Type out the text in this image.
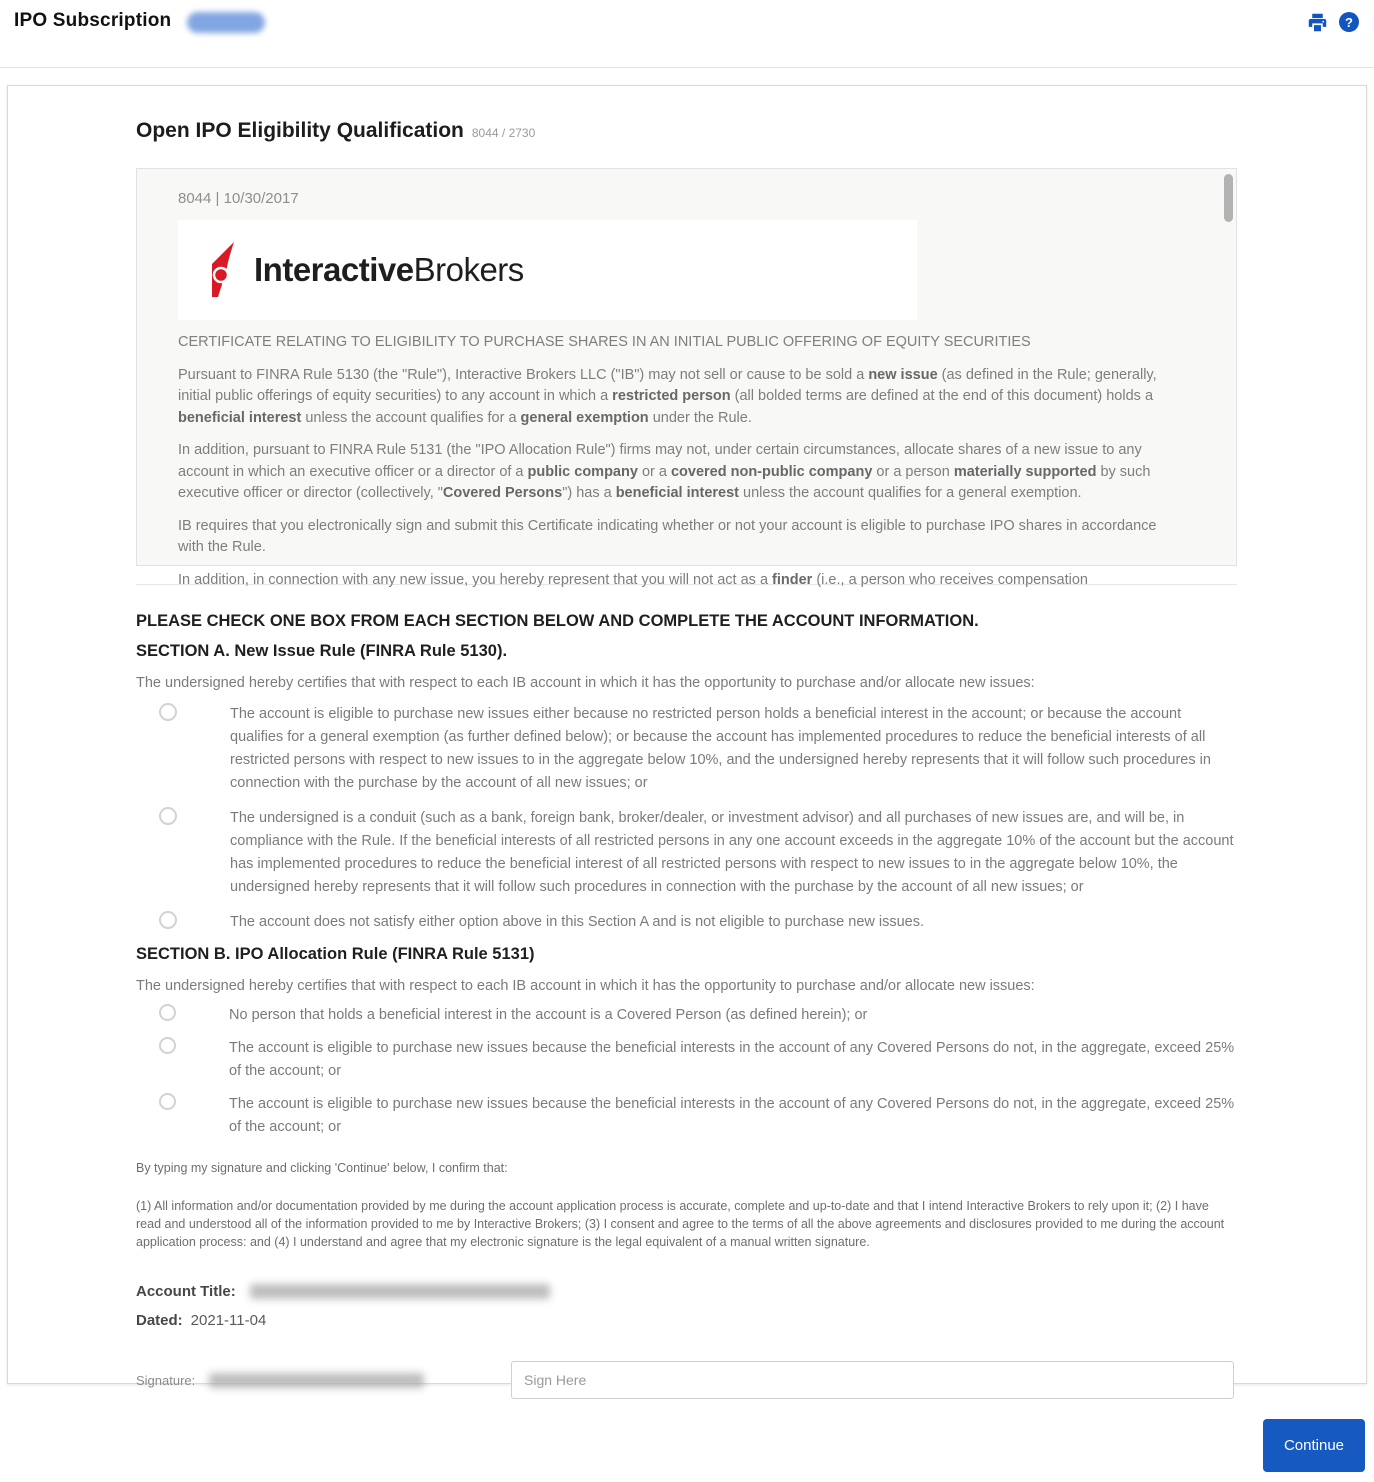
IPO Subscription	?
Open IPO Eligibility Qualification 8044 / 2730
8044 | 10/30/2017
InteractiveBrokers
CERTIFICATE RELATING TO ELIGIBILITY TO PURCHASE SHARES IN AN INITIAL PUBLIC OFFERING OF EQUITY SECURITIES
Pursuant to FINRA Rule 5130 (the "Rule"), Interactive Brokers LLC ("IB") may not sell or cause to be sold a new issue (as defined in the Rule; generally, initial public offerings of equity securities) to any account in which a restricted person (all bolded terms are defined at the end of this document) holds a beneficial interest unless the account qualifies for a general exemption under the Rule.
In addition, pursuant to FINRA Rule 5131 (the "IPO Allocation Rule") firms may not, under certain circumstances, allocate shares of a new issue to any account in which an executive officer or a director of a public company or a covered non-public company or a person materially supported by such executive officer or director (collectively, "Covered Persons") has a beneficial interest unless the account qualifies for a general exemption.
IB requires that you electronically sign and submit this Certificate indicating whether or not your account is eligible to purchase IPO shares in accordance with the Rule.
In addition, in connection with any new issue, you hereby represent that you will not act as a finder (i.e., a person who receives compensation
PLEASE CHECK ONE BOX FROM EACH SECTION BELOW AND COMPLETE THE ACCOUNT INFORMATION.
SECTION A. New Issue Rule (FINRA Rule 5130).
The undersigned hereby certifies that with respect to each IB account in which it has the opportunity to purchase and/or allocate new issues:
The account is eligible to purchase new issues either because no restricted person holds a beneficial interest in the account; or because the account qualifies for a general exemption (as further defined below); or because the account has implemented procedures to reduce the beneficial interests of all restricted persons with respect to new issues to in the aggregate below 10%, and the undersigned hereby represents that it will follow such procedures in connection with the purchase by the account of all new issues; or
The undersigned is a conduit (such as a bank, foreign bank, broker/dealer, or investment advisor) and all purchases of new issues are, and will be, in compliance with the Rule. If the beneficial interests of all restricted persons in any one account exceeds in the aggregate 10% of the account but the account has implemented procedures to reduce the beneficial interest of all restricted persons with respect to new issues to in the aggregate below 10%, the undersigned hereby represents that it will follow such procedures in connection with the purchase by the account of all new issues; or
The account does not satisfy either option above in this Section A and is not eligible to purchase new issues.
SECTION B. IPO Allocation Rule (FINRA Rule 5131)
The undersigned hereby certifies that with respect to each IB account in which it has the opportunity to purchase and/or allocate new issues:
No person that holds a beneficial interest in the account is a Covered Person (as defined herein); or
The account is eligible to purchase new issues because the beneficial interests in the account of any Covered Persons do not, in the aggregate, exceed 25% of the account; or
The account is eligible to purchase new issues because the beneficial interests in the account of any Covered Persons do not, in the aggregate, exceed 25% of the account; or
By typing my signature and clicking 'Continue' below, I confirm that:
(1) All information and/or documentation provided by me during the account application process is accurate, complete and up-to-date and that I intend Interactive Brokers to rely upon it; (2) I have read and understood all of the information provided to me by Interactive Brokers; (3) I consent and agree to the terms of all the above agreements and disclosures provided to me during the account application process: and (4) I understand and agree that my electronic signature is the legal equivalent of a manual written signature.
Account Title:
Dated: 2021-11-04
Signature:
Sign Here
Continue
